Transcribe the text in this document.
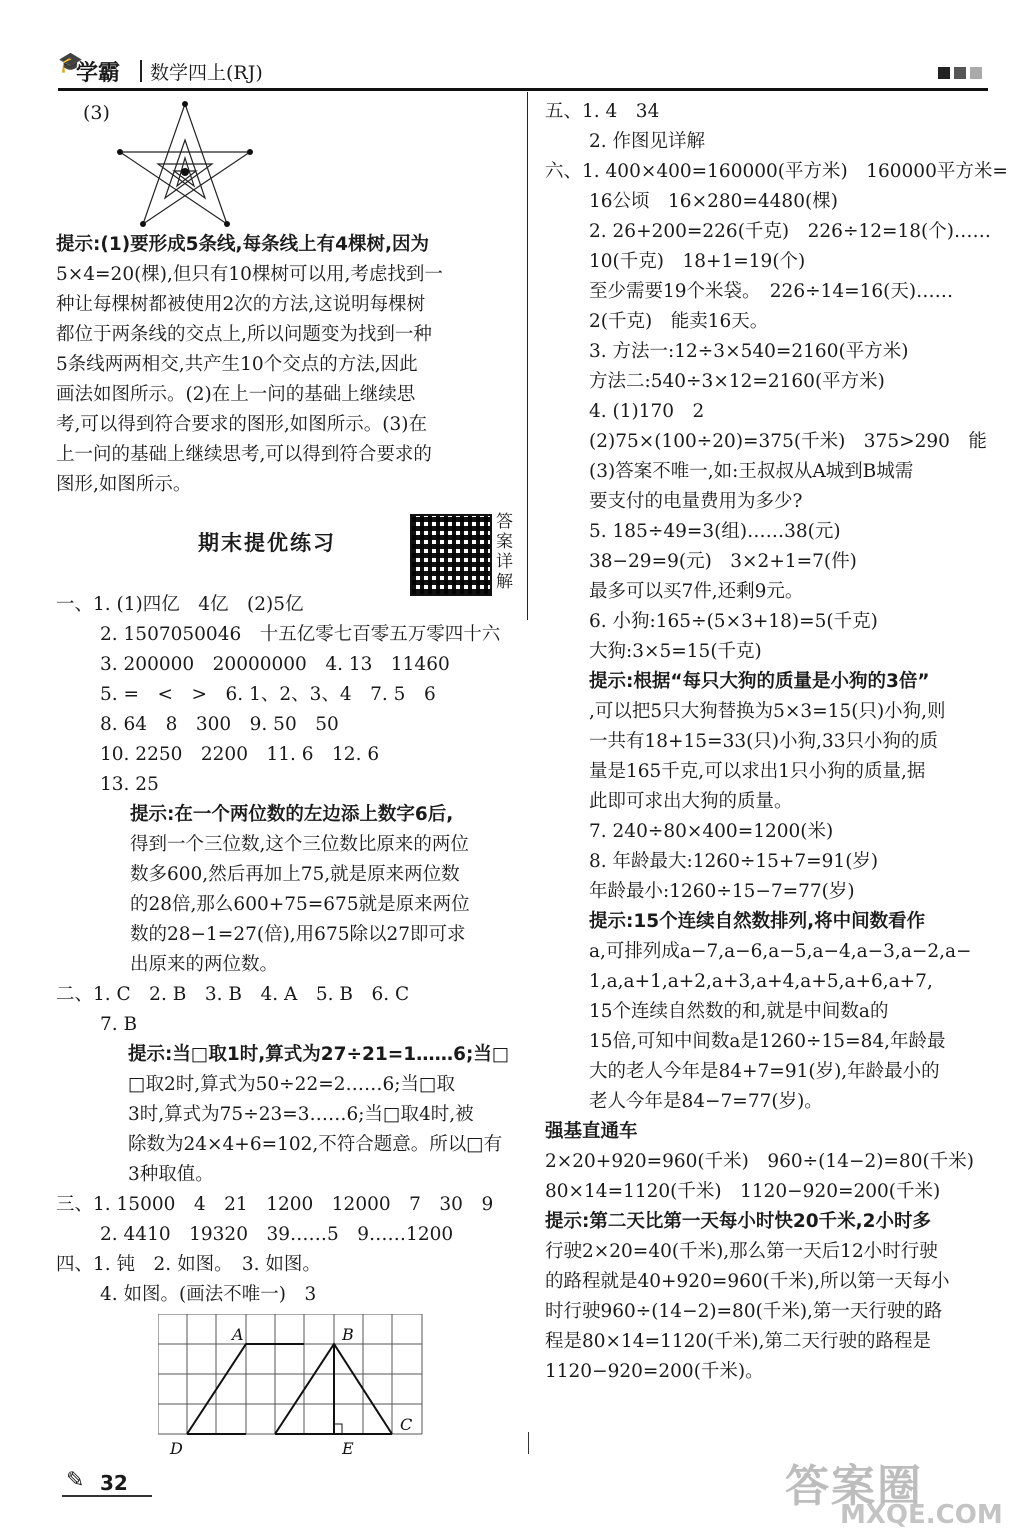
🎓
学霸 数学四上(RJ)
(3)
提示:(1)要形成5条线,每条线上有4棵树,因为
5×4=20(棵),但只有10棵树可以用,考虑找到一
种让每棵树都被使用2次的方法,这说明每棵树
都位于两条线的交点上,所以问题变为找到一种
5条线两两相交,共产生10个交点的方法,因此
画法如图所示。(2)在上一问的基础上继续思
考,可以得到符合要求的图形,如图所示。(3)在
上一问的基础上继续思考,可以得到符合要求的
图形,如图所示。
期末提优练习
答案详解
一、1. (1)四亿　4亿　(2)5亿
2. 1507050046　十五亿零七百零五万零四十六
3. 200000　20000000　4. 13　11460
5. =　<　>　6. 1、2、3、4　7. 5　6
8. 64　8　300　9. 50　50
10. 2250　2200　11. 6　12. 6
13. 25
提示:在一个两位数的左边添上数字6后,
得到一个三位数,这个三位数比原来的两位
数多600,然后再加上75,就是原来两位数
的28倍,那么600+75=675就是原来两位
数的28−1=27(倍),用675除以27即可求
出原来的两位数。
二、1. C　2. B　3. B　4. A　5. B　6. C
7. B
提示:当□取1时,算式为27÷21=1……6;当□
□取2时,算式为50÷22=2……6;当□取
3时,算式为75÷23=3……6;当□取4时,被
除数为24×4+6=102,不符合题意。所以□有
3种取值。
三、1. 15000　4　21　1200　12000　7　30　9
2. 4410　19320　39……5　9……1200
四、1. 钝　2. 如图。　3. 如图。
4. 如图。(画法不唯一)　3
A	B
C
D	E
五、1. 4　34
2. 作图见详解
六、1. 400×400=160000(平方米)　160000平方米=
16公顷　16×280=4480(棵)
2. 26+200=226(千克)　226÷12=18(个)……
10(千克)　18+1=19(个)
至少需要19个米袋。　226÷14=16(天)……
2(千克)　能卖16天。
3. 方法一:12÷3×540=2160(平方米)
方法二:540÷3×12=2160(平方米)
4. (1)170　2
(2)75×(100÷20)=375(千米)　375>290　能
(3)答案不唯一,如:王叔叔从A城到B城需
要支付的电量费用为多少?
5. 185÷49=3(组)……38(元)
38−29=9(元)　3×2+1=7(件)
最多可以买7件,还剩9元。
6. 小狗:165÷(5×3+18)=5(千克)
大狗:3×5=15(千克)
提示:根据“每只大狗的质量是小狗的3倍”
,可以把5只大狗替换为5×3=15(只)小狗,则
一共有18+15=33(只)小狗,33只小狗的质
量是165千克,可以求出1只小狗的质量,据
此即可求出大狗的质量。
7. 240÷80×400=1200(米)
8. 年龄最大:1260÷15+7=91(岁)
年龄最小:1260÷15−7=77(岁)
提示:15个连续自然数排列,将中间数看作
a,可排列成a−7,a−6,a−5,a−4,a−3,a−2,a−
1,a,a+1,a+2,a+3,a+4,a+5,a+6,a+7,
15个连续自然数的和,就是中间数a的
15倍,可知中间数a是1260÷15=84,年龄最
大的老人今年是84+7=91(岁),年龄最小的
老人今年是84−7=77(岁)。
强基直通车
2×20+920=960(千米)　960÷(14−2)=80(千米)
80×14=1120(千米)　1120−920=200(千米)
提示:第二天比第一天每小时快20千米,2小时多
行驶2×20=40(千米),那么第一天后12小时行驶
的路程就是40+920=960(千米),所以第一天每小
时行驶960÷(14−2)=80(千米),第一天行驶的路
程是80×14=1120(千米),第二天行驶的路程是
1120−920=200(千米)。
✎ 32	答案圈
MXQE.COM
